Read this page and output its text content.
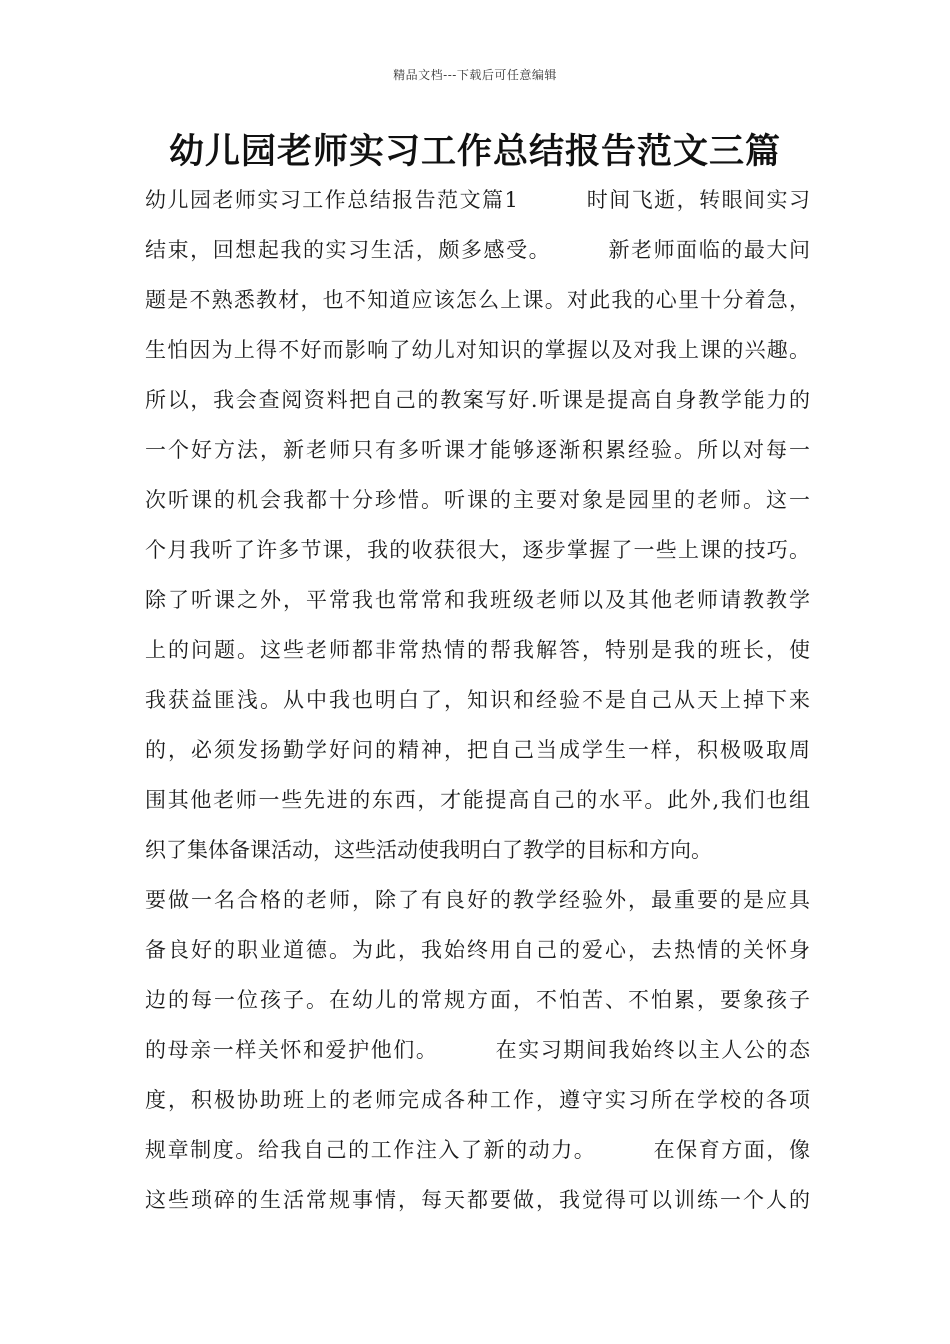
精品文档---下载后可任意编辑
幼儿园老师实习工作总结报告范文三篇
幼儿园老师实习工作总结报告范文篇1　　　时间飞逝，转眼间实习
结束，回想起我的实习生活，颇多感受。　　　新老师面临的最大问
题是不熟悉教材，也不知道应该怎么上课。对此我的心里十分着急，
生怕因为上得不好而影响了幼儿对知识的掌握以及对我上课的兴趣。
所以，我会查阅资料把自己的教案写好.听课是提高自身教学能力的
一个好方法，新老师只有多听课才能够逐渐积累经验。所以对每一
次听课的机会我都十分珍惜。听课的主要对象是园里的老师。这一
个月我听了许多节课，我的收获很大，逐步掌握了一些上课的技巧。
除了听课之外，平常我也常常和我班级老师以及其他老师请教教学
上的问题。这些老师都非常热情的帮我解答，特别是我的班长，使
我获益匪浅。从中我也明白了，知识和经验不是自己从天上掉下来
的，必须发扬勤学好问的精神，把自己当成学生一样，积极吸取周
围其他老师一些先进的东西，才能提高自己的水平。此外,我们也组
织了集体备课活动，这些活动使我明白了教学的目标和方向。
要做一名合格的老师，除了有良好的教学经验外，最重要的是应具
备良好的职业道德。为此，我始终用自己的爱心，去热情的关怀身
边的每一位孩子。在幼儿的常规方面，不怕苦、不怕累，要象孩子
的母亲一样关怀和爱护他们。　　　在实习期间我始终以主人公的态
度，积极协助班上的老师完成各种工作，遵守实习所在学校的各项
规章制度。给我自己的工作注入了新的动力。　　　在保育方面，像
这些琐碎的生活常规事情，每天都要做，我觉得可以训练一个人的
